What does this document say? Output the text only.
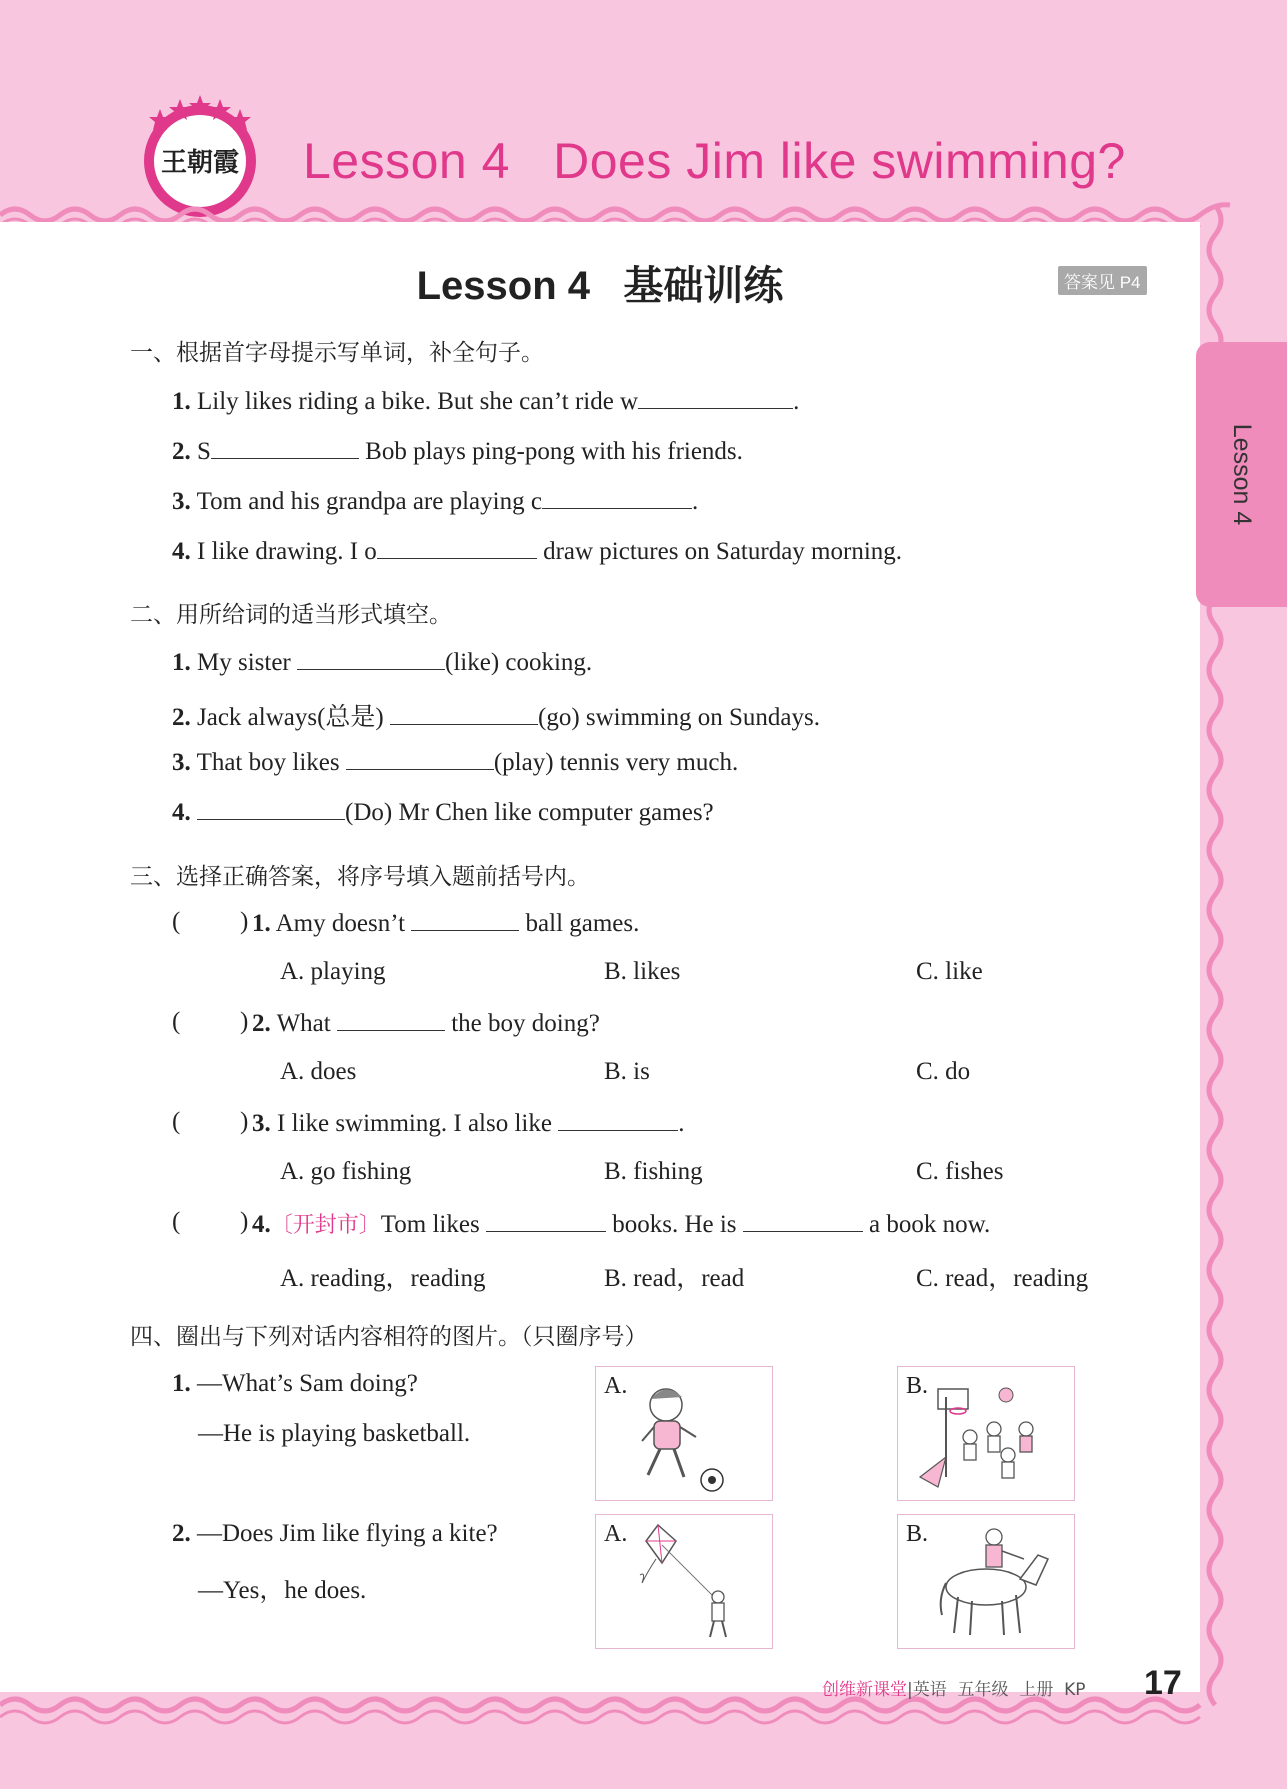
王朝霞 Lesson 4   Does Jim like swimming?
Lesson 4
Lesson 4   基础训练	答案见 P4
一、根据首字母提示写单词，补全句子。
1. Lily likes riding a bike. But she can’t ride w	.
2. S	Bob plays ping-pong with his friends.
3. Tom and his grandpa are playing c	.
4. I like drawing. I o	draw pictures on Saturday morning.
二、用所给词的适当形式填空。
1. My sister	(like) cooking.
2. Jack always(总是)	(go) swimming on Sundays.
3. That boy likes	(play) tennis very much.
4.	(Do) Mr Chen like computer games?
三、选择正确答案，将序号填入题前括号内。
( ) 1. Amy doesn’t	ball games.
A. playing	B. likes	C. like
( ) 2. What	the boy doing?
A. does	B. is	C. do
( ) 3. I like swimming. I also like	.
A. go fishing	B. fishing	C. fishes
( ) 4.〔开封市〕Tom likes	books. He is	a book now.
A. reading，reading	B. read，read	C. read，reading
四、圈出与下列对话内容相符的图片。（只圈序号）
1. —What’s Sam doing?
—He is playing basketball.
A.	B.
2. —Does Jim like flying a kite?
—Yes，he does.
A.	B.
创维新课堂|英语  五年级  上册  KP 17
